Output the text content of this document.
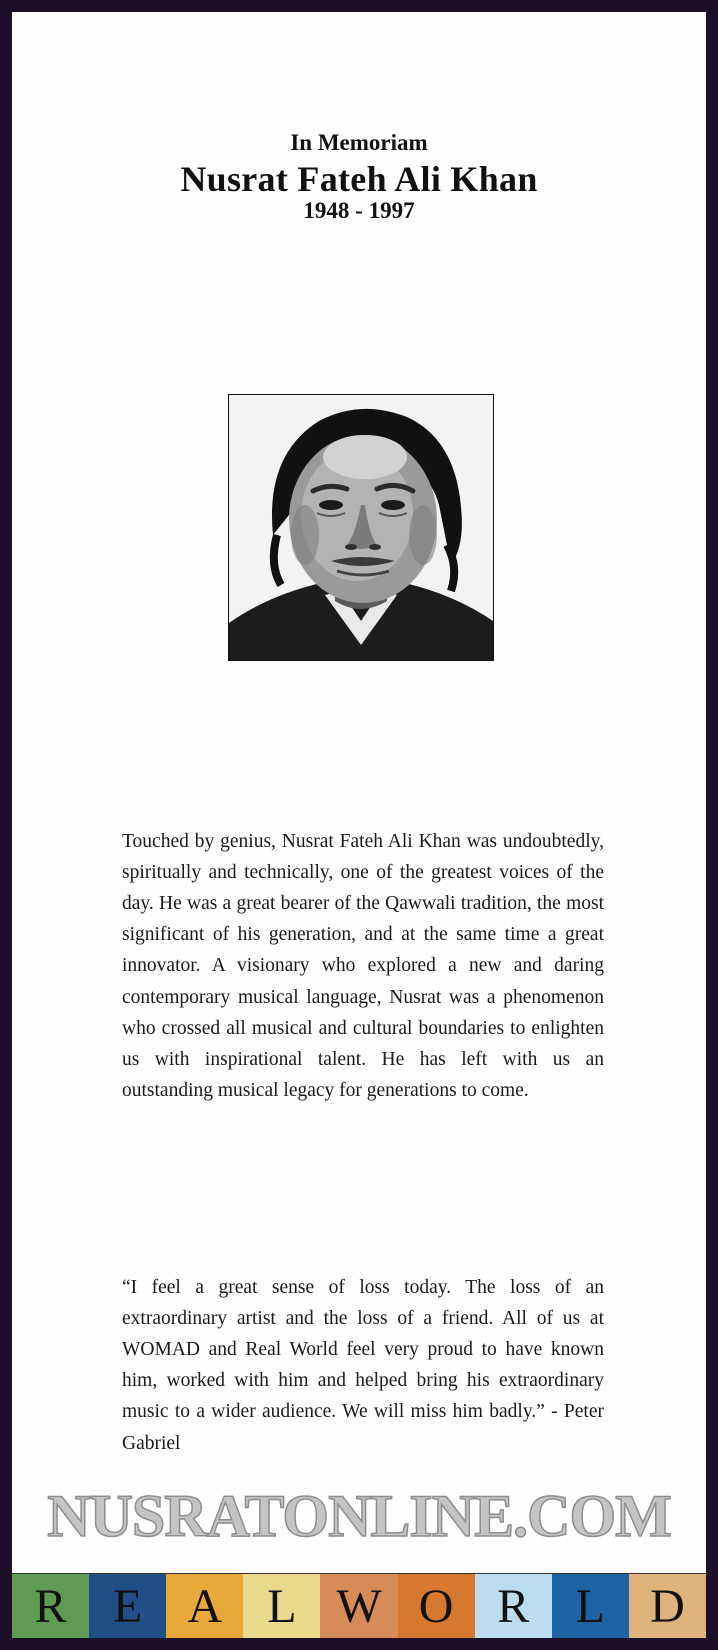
In Memoriam
Nusrat Fateh Ali Khan
1948 - 1997

Touched by genius, Nusrat Fateh Ali Khan was undoubtedly, spiritually and technically, one of the greatest voices of the day. He was a great bearer of the Qawwali tradition, the most significant of his generation, and at the same time a great innovator. A visionary who explored a new and daring contemporary musical language, Nusrat was a phenomenon who crossed all musical and cultural boundaries to enlighten us with inspirational talent. He has left with us an outstanding musical legacy for generations to come.

“I feel a great sense of loss today. The loss of an extraordinary artist and the loss of a friend. All of us at WOMAD and Real World feel very proud to have known him, worked with him and helped bring his extraordinary music to a wider audience. We will miss him badly.” - Peter Gabriel

NUSRATONLINE.COM
R E A L W O R L D
